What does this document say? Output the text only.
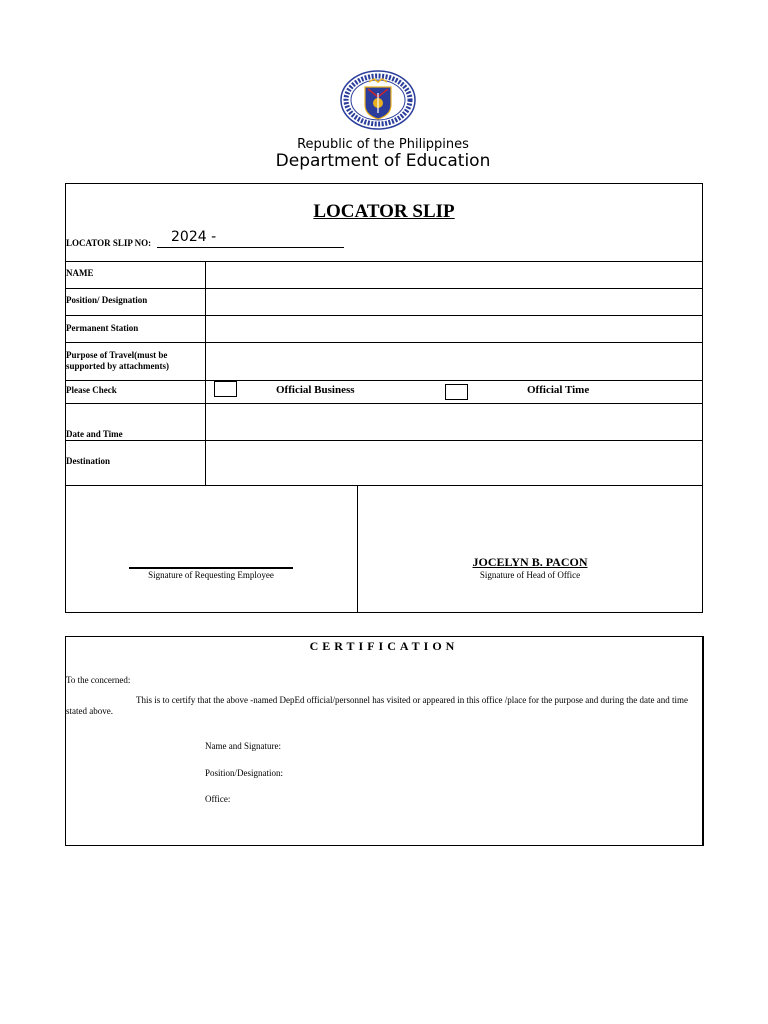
Republic of the Philippines
Department of Education
LOCATOR SLIP
LOCATOR SLIP NO: 2024 -
NAME
Position/ Designation
Permanent Station
Purpose of Travel(must be
supported by attachments)
Please Check
Date and Time
Destination
Official Business	Official Time
Signature of Requesting Employee
JOCELYN B. PACON
Signature of Head of Office
CERTIFICATION
To the concerned:
This is to certify that the above -named DepEd official/personnel has visited or appeared in this office /place for the purpose and during the date and time stated above.
Name and Signature:
Position/Designation:
Office:
